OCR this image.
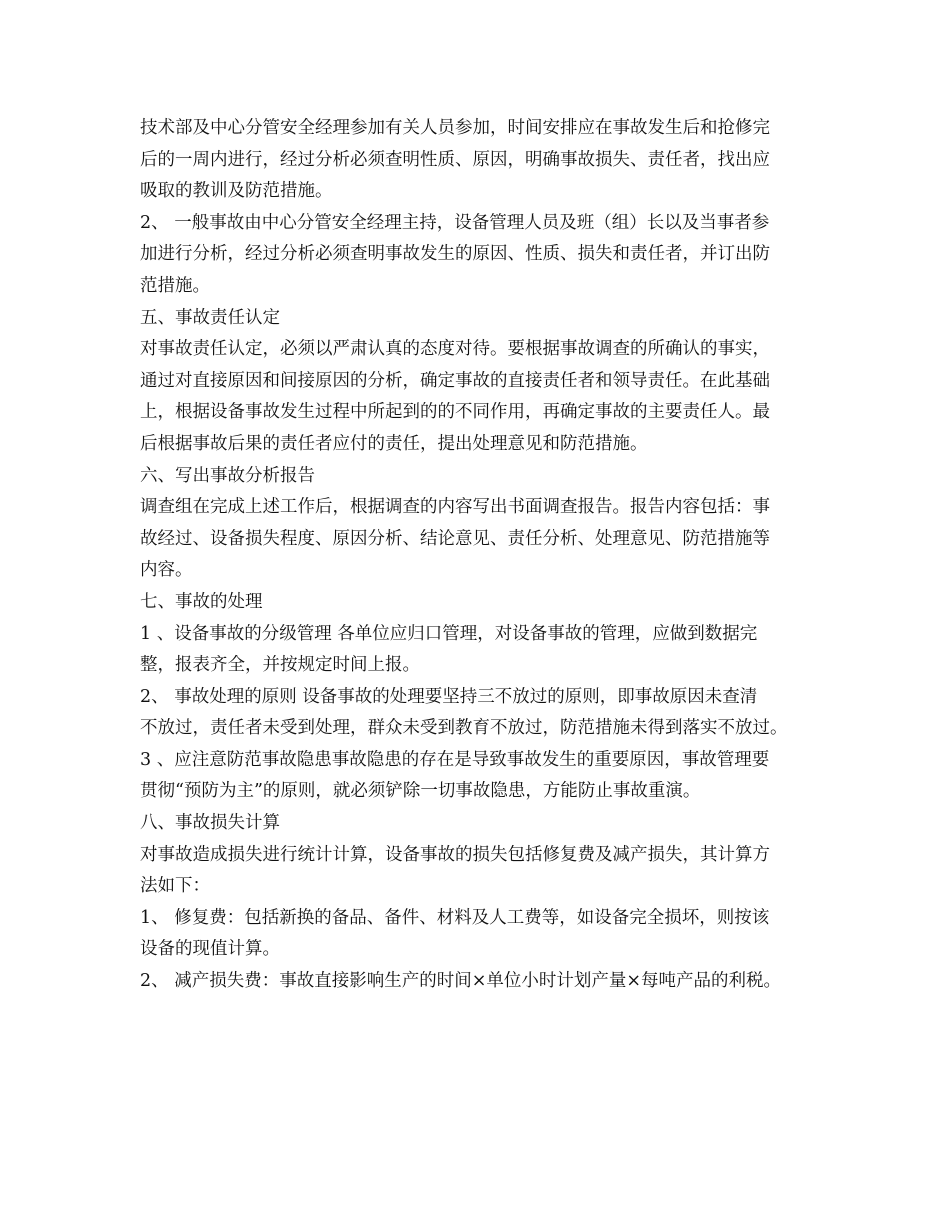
技术部及中心分管安全经理参加有关人员参加，时间安排应在事故发生后和抢修完
后的一周内进行，经过分析必须查明性质、原因，明确事故损失、责任者，找出应
吸取的教训及防范措施。
2、 一般事故由中心分管安全经理主持，设备管理人员及班（组）长以及当事者参
加进行分析，经过分析必须查明事故发生的原因、性质、损失和责任者，并订出防
范措施。
五、事故责任认定
对事故责任认定，必须以严肃认真的态度对待。要根据事故调查的所确认的事实，
通过对直接原因和间接原因的分析，确定事故的直接责任者和领导责任。在此基础
上，根据设备事故发生过程中所起到的的不同作用，再确定事故的主要责任人。最
后根据事故后果的责任者应付的责任，提出处理意见和防范措施。
六、写出事故分析报告
调查组在完成上述工作后，根据调查的内容写出书面调查报告。报告内容包括：事
故经过、设备损失程度、原因分析、结论意见、责任分析、处理意见、防范措施等
内容。
七、事故的处理
1 、设备事故的分级管理 各单位应归口管理，对设备事故的管理，应做到数据完
整，报表齐全，并按规定时间上报。
2、 事故处理的原则 设备事故的处理要坚持三不放过的原则，即事故原因未查清
不放过，责任者未受到处理，群众未受到教育不放过，防范措施未得到落实不放过。
3 、应注意防范事故隐患事故隐患的存在是导致事故发生的重要原因，事故管理要
贯彻“预防为主”的原则，就必须铲除一切事故隐患，方能防止事故重演。
八、事故损失计算
对事故造成损失进行统计计算，设备事故的损失包括修复费及减产损失，其计算方
法如下：
1、 修复费：包括新换的备品、备件、材料及人工费等，如设备完全损坏，则按该
设备的现值计算。
2、 减产损失费：事故直接影响生产的时间×单位小时计划产量×每吨产品的利税。
